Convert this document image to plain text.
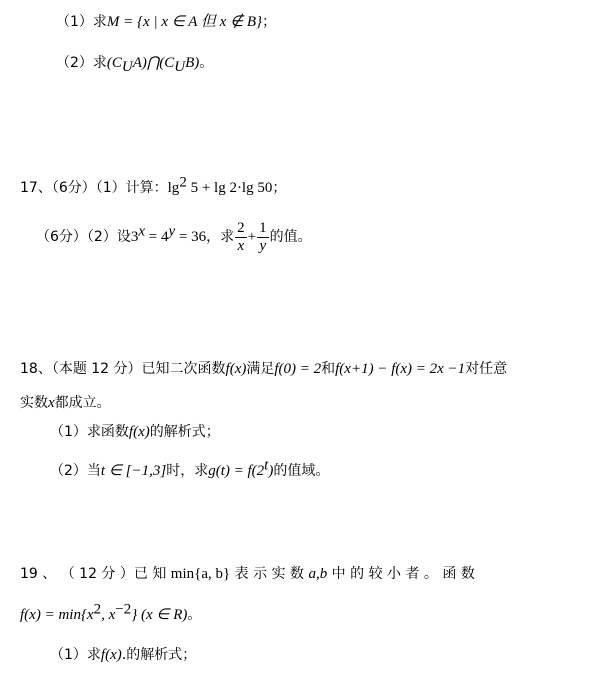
（1）求M = {x | x ∈ A 但 x ∉ B}；
（2）求$(C_UA)⋂(C_UB)$。
17、（6分）（1）计算：$\lg^2 5 + \lg 2\cdot\lg$ 50；
（6分）（2）设$3^x = 4^y = 36$，求 $\frac{2}{x} + \frac{1}{y}$ 的值。
18、（本题 12 分）已知二次函数f(x)满足f(0) = 2和f(x+1) − f(x) = 2x −1对任意
实数x都成立。
（1）求函数f(x)的解析式；
（2）当t ∈ [−1,3]时，求$g(t) = f(2^t)$的值域。
19 、 （ 12 分 ）已 知 min{a, b} 表 示 实 数 a,b 中 的 较 小 者 。 函 数
$f(x) = \min\{x^2$, $x^{-2}$} (x ∈ R)。
（1）求f(x).的解析式；
